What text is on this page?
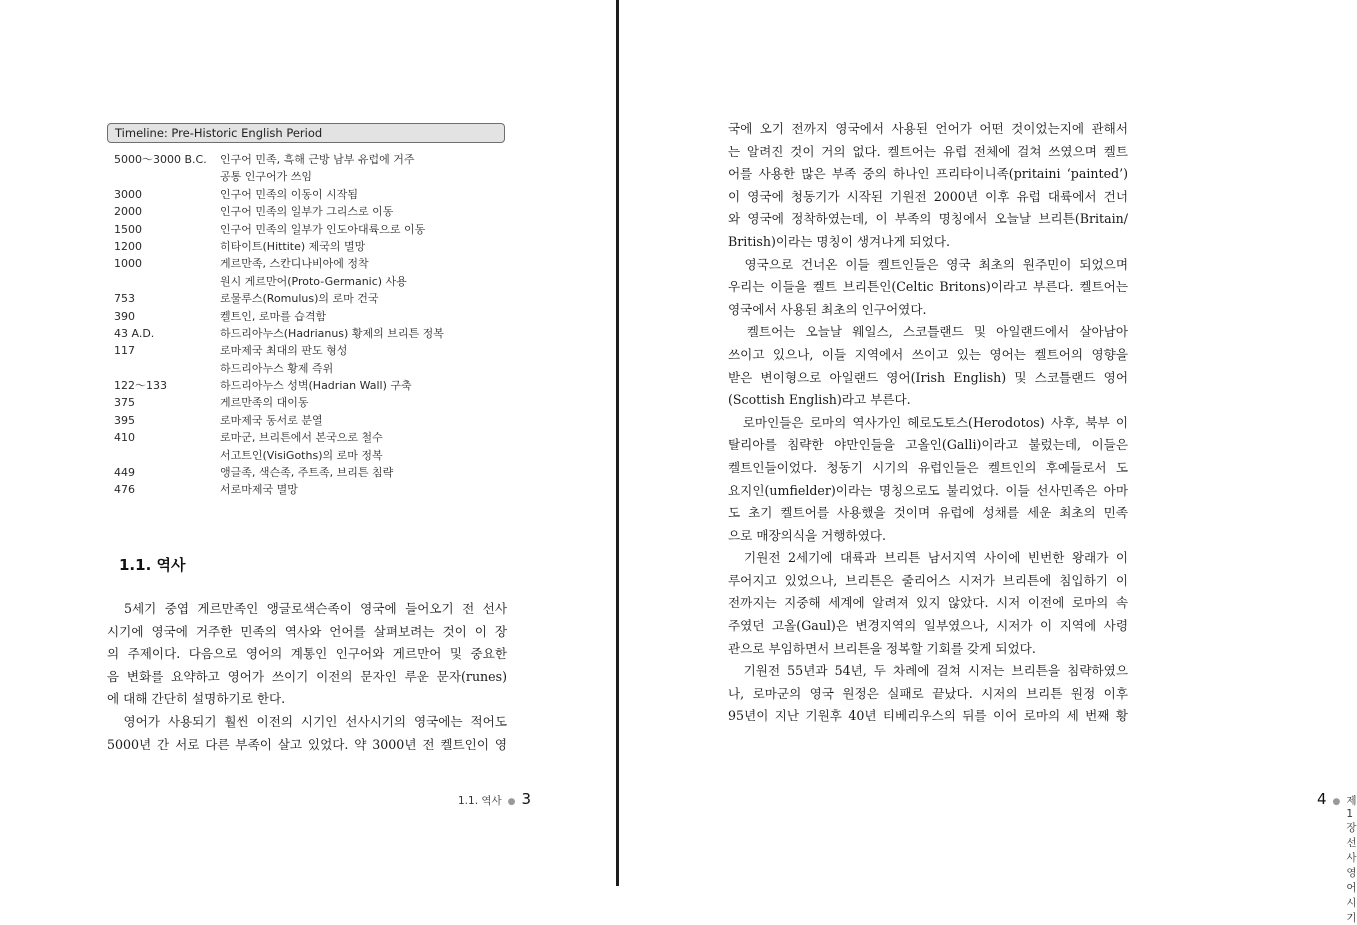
Timeline: Pre-Historic English Period
5000～3000 B.C.	인구어 민족, 흑해 근방 남부 유럽에 거주
공통 인구어가 쓰임
3000	인구어 민족의 이동이 시작됨
2000	인구어 민족의 일부가 그리스로 이동
1500	인구어 민족의 일부가 인도아대륙으로 이동
1200	히타이트(Hittite) 제국의 멸망
1000	게르만족, 스칸디나비아에 정착
원시 게르만어(Proto-Germanic) 사용
753	로물루스(Romulus)의 로마 건국
390	켈트인, 로마를 습격함
43 A.D.	하드리아누스(Hadrianus) 황제의 브리튼 정복
117	로마제국 최대의 판도 형성
하드리아누스 황제 즉위
122～133	하드리아누스 성벽(Hadrian Wall) 구축
375	게르만족의 대이동
395	로마제국 동서로 분열
410	로마군, 브리튼에서 본국으로 철수
서고트인(VisiGoths)의 로마 정복
449	앵글족, 색슨족, 주트족, 브리튼 침략
476	서로마제국 멸망
1.1. 역사
　5세기 중엽 게르만족인 앵글로색슨족이 영국에 들어오기 전 선사
시기에 영국에 거주한 민족의 역사와 언어를 살펴보려는 것이 이 장
의 주제이다. 다음으로 영어의 계통인 인구어와 게르만어 및 중요한
음 변화를 요약하고 영어가 쓰이기 이전의 문자인 루운 문자(runes)
에 대해 간단히 설명하기로 한다.
　영어가 사용되기 훨씬 이전의 시기인 선사시기의 영국에는 적어도
5000년 간 서로 다른 부족이 살고 있었다. 약 3000년 전 켈트인이 영
1.1. 역사 ● 3	4 ● 제1장 선사영어 시기
국에 오기 전까지 영국에서 사용된 언어가 어떤 것이었는지에 관해서
는 알려진 것이 거의 없다. 켈트어는 유럽 전체에 걸쳐 쓰였으며 켈트
어를 사용한 많은 부족 중의 하나인 프리타이니족(pritaini ‘painted’)
이 영국에 청동기가 시작된 기원전 2000년 이후 유럽 대륙에서 건너
와 영국에 정착하였는데, 이 부족의 명칭에서 오늘날 브리튼(Britain/
British)이라는 명칭이 생겨나게 되었다.
　영국으로 건너온 이들 켈트인들은 영국 최초의 원주민이 되었으며
우리는 이들을 켈트 브리튼인(Celtic Britons)이라고 부른다. 켈트어는
영국에서 사용된 최초의 인구어였다.
　켈트어는 오늘날 웨일스, 스코틀랜드 및 아일랜드에서 살아남아
쓰이고 있으나, 이들 지역에서 쓰이고 있는 영어는 켈트어의 영향을
받은 변이형으로 아일랜드 영어(Irish English) 및 스코틀랜드 영어
(Scottish English)라고 부른다.
　로마인들은 로마의 역사가인 헤로도토스(Herodotos) 사후, 북부 이
탈리아를 침략한 야만인들을 고올인(Galli)이라고 불렀는데, 이들은
켈트인들이었다. 청동기 시기의 유럽인들은 켈트인의 후예들로서 도
요지인(umfielder)이라는 명칭으로도 불리었다. 이들 선사민족은 아마
도 초기 켈트어를 사용했을 것이며 유럽에 성채를 세운 최초의 민족
으로 매장의식을 거행하였다.
　기원전 2세기에 대륙과 브리튼 남서지역 사이에 빈번한 왕래가 이
루어지고 있었으나, 브리튼은 줄리어스 시저가 브리튼에 침입하기 이
전까지는 지중해 세계에 알려져 있지 않았다. 시저 이전에 로마의 속
주였던 고올(Gaul)은 변경지역의 일부였으나, 시저가 이 지역에 사령
관으로 부임하면서 브리튼을 정복할 기회를 갖게 되었다.
　기원전 55년과 54년, 두 차례에 걸쳐 시저는 브리튼을 침략하였으
나, 로마군의 영국 원정은 실패로 끝났다. 시저의 브리튼 원정 이후
95년이 지난 기원후 40년 티베리우스의 뒤를 이어 로마의 세 번째 황
